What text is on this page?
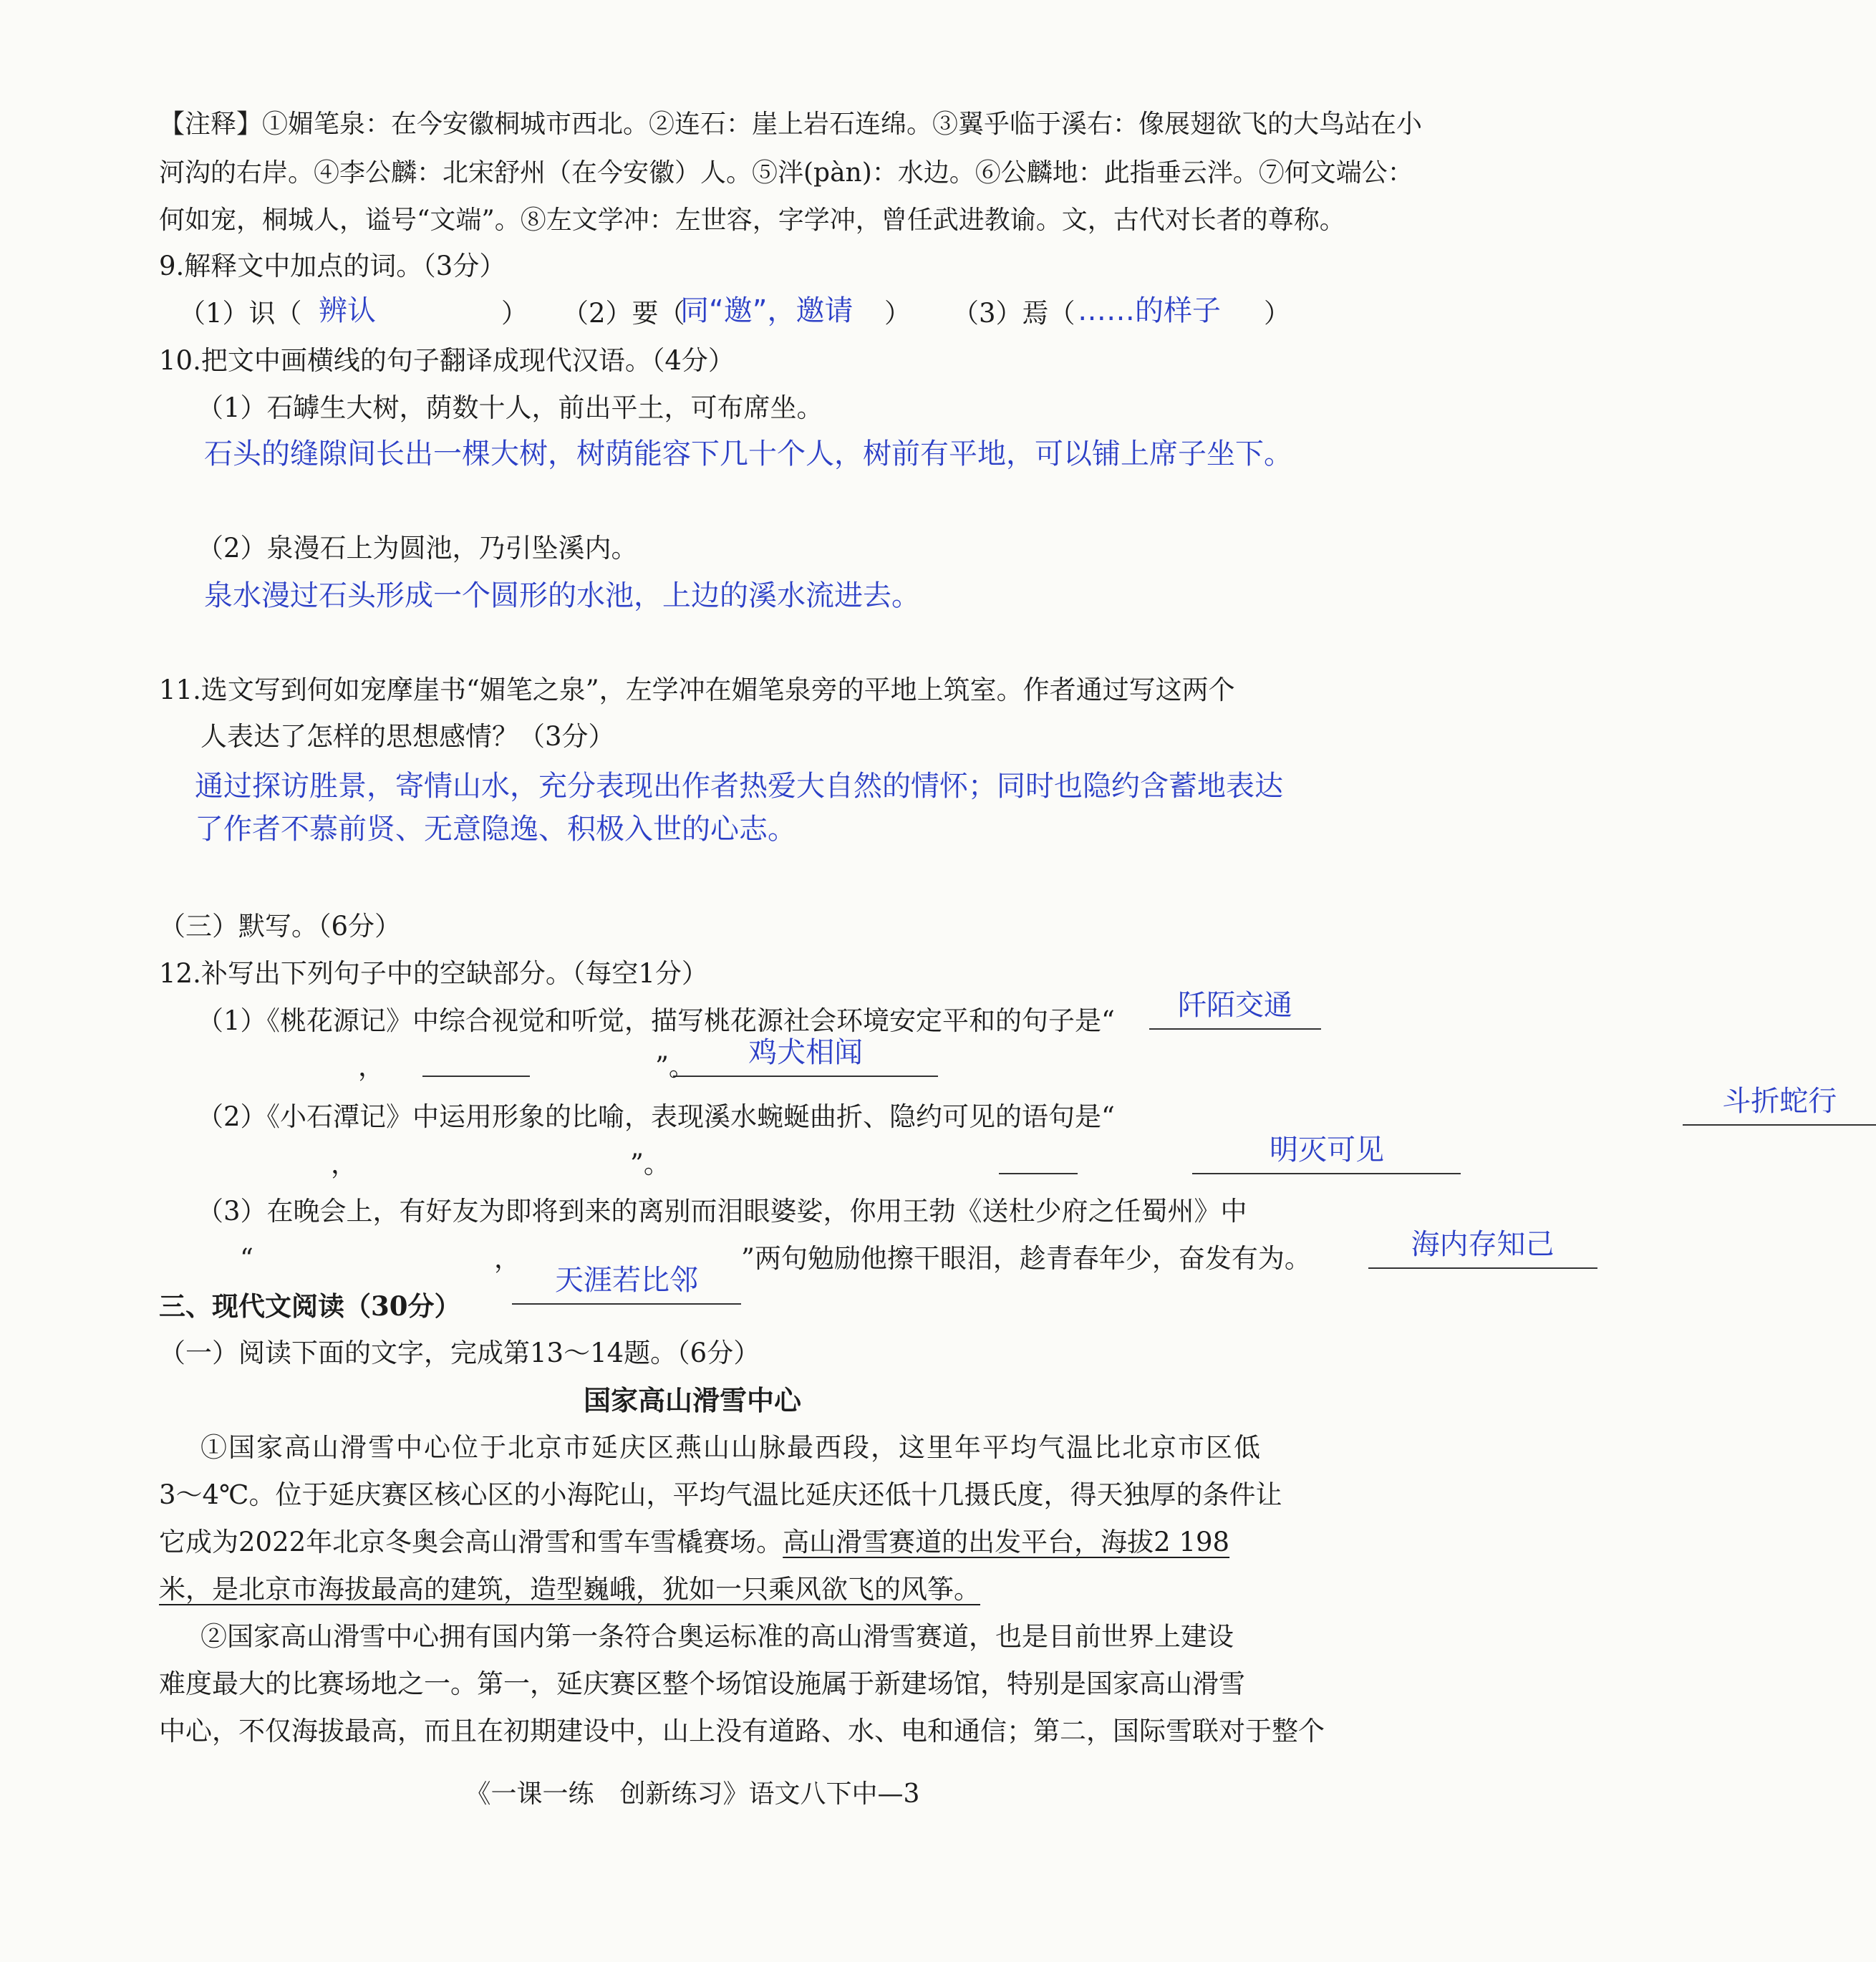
【注释】①媚笔泉：在今安徽桐城市西北。②连石：崖上岩石连绵。③翼乎临于溪右：像展翅欲飞的大鸟站在小
河沟的右岸。④李公麟：北宋舒州（在今安徽）人。⑤泮(pàn)：水边。⑥公麟地：此指垂云泮。⑦何文端公：
何如宠，桐城人，谥号“文端”。⑧左文学冲：左世容，字学冲，曾任武进教谕。文，古代对长者的尊称。
9.解释文中加点的词。（3分）
（1）识（ 辨认	） （2）要（
同“邀”，邀请 ） （3）焉（ ……的样子 ）
10.把文中画横线的句子翻译成现代汉语。（4分）
（1）石罅生大树，荫数十人，前出平土，可布席坐。
石头的缝隙间长出一棵大树，树荫能容下几十个人，树前有平地，可以铺上席子坐下。
（2）泉漫石上为圆池，乃引坠溪内。
泉水漫过石头形成一个圆形的水池，上边的溪水流进去。
11.选文写到何如宠摩崖书“媚笔之泉”，左学冲在媚笔泉旁的平地上筑室。作者通过写这两个
人表达了怎样的思想感情？（3分）
通过探访胜景，寄情山水，充分表现出作者热爱大自然的情怀；同时也隐约含蓄地表达
了作者不慕前贤、无意隐逸、积极入世的心志。
（三）默写。（6分）
12.补写出下列句子中的空缺部分。（每空1分）
（1）《桃花源记》中综合视觉和听觉，描写桃花源社会环境安定平和的句子是“	阡陌交通

，	鸡犬相闻

”。
（2）《小石潭记》中运用形象的比喻，表现溪水蜿蜒曲折、隐约可见的语句是“	斗折蛇行

，	明灭可见

”。
（3）在晚会上，有好友为即将到来的离别而泪眼婆娑，你用王勃《送杜少府之任蜀州》中
“	海内存知己

，
天涯若比邻
”两句勉励他擦干眼泪，趁青春年少，奋发有为。
三、现代文阅读（30分）
（一）阅读下面的文字，完成第13～14题。（6分）
国家高山滑雪中心
①国家高山滑雪中心位于北京市延庆区燕山山脉最西段，这里年平均气温比北京市区低
3～4℃。位于延庆赛区核心区的小海陀山，平均气温比延庆还低十几摄氏度，得天独厚的条件让
它成为2022年北京冬奥会高山滑雪和雪车雪橇赛场。高山滑雪赛道的出发平台，海拔2 198
米，是北京市海拔最高的建筑，造型巍峨，犹如一只乘风欲飞的风筝。
②国家高山滑雪中心拥有国内第一条符合奥运标准的高山滑雪赛道，也是目前世界上建设
难度最大的比赛场地之一。第一，延庆赛区整个场馆设施属于新建场馆，特别是国家高山滑雪
中心，不仅海拔最高，而且在初期建设中，山上没有道路、水、电和通信；第二，国际雪联对于整个
《一课一练　创新练习》语文八下中—3
